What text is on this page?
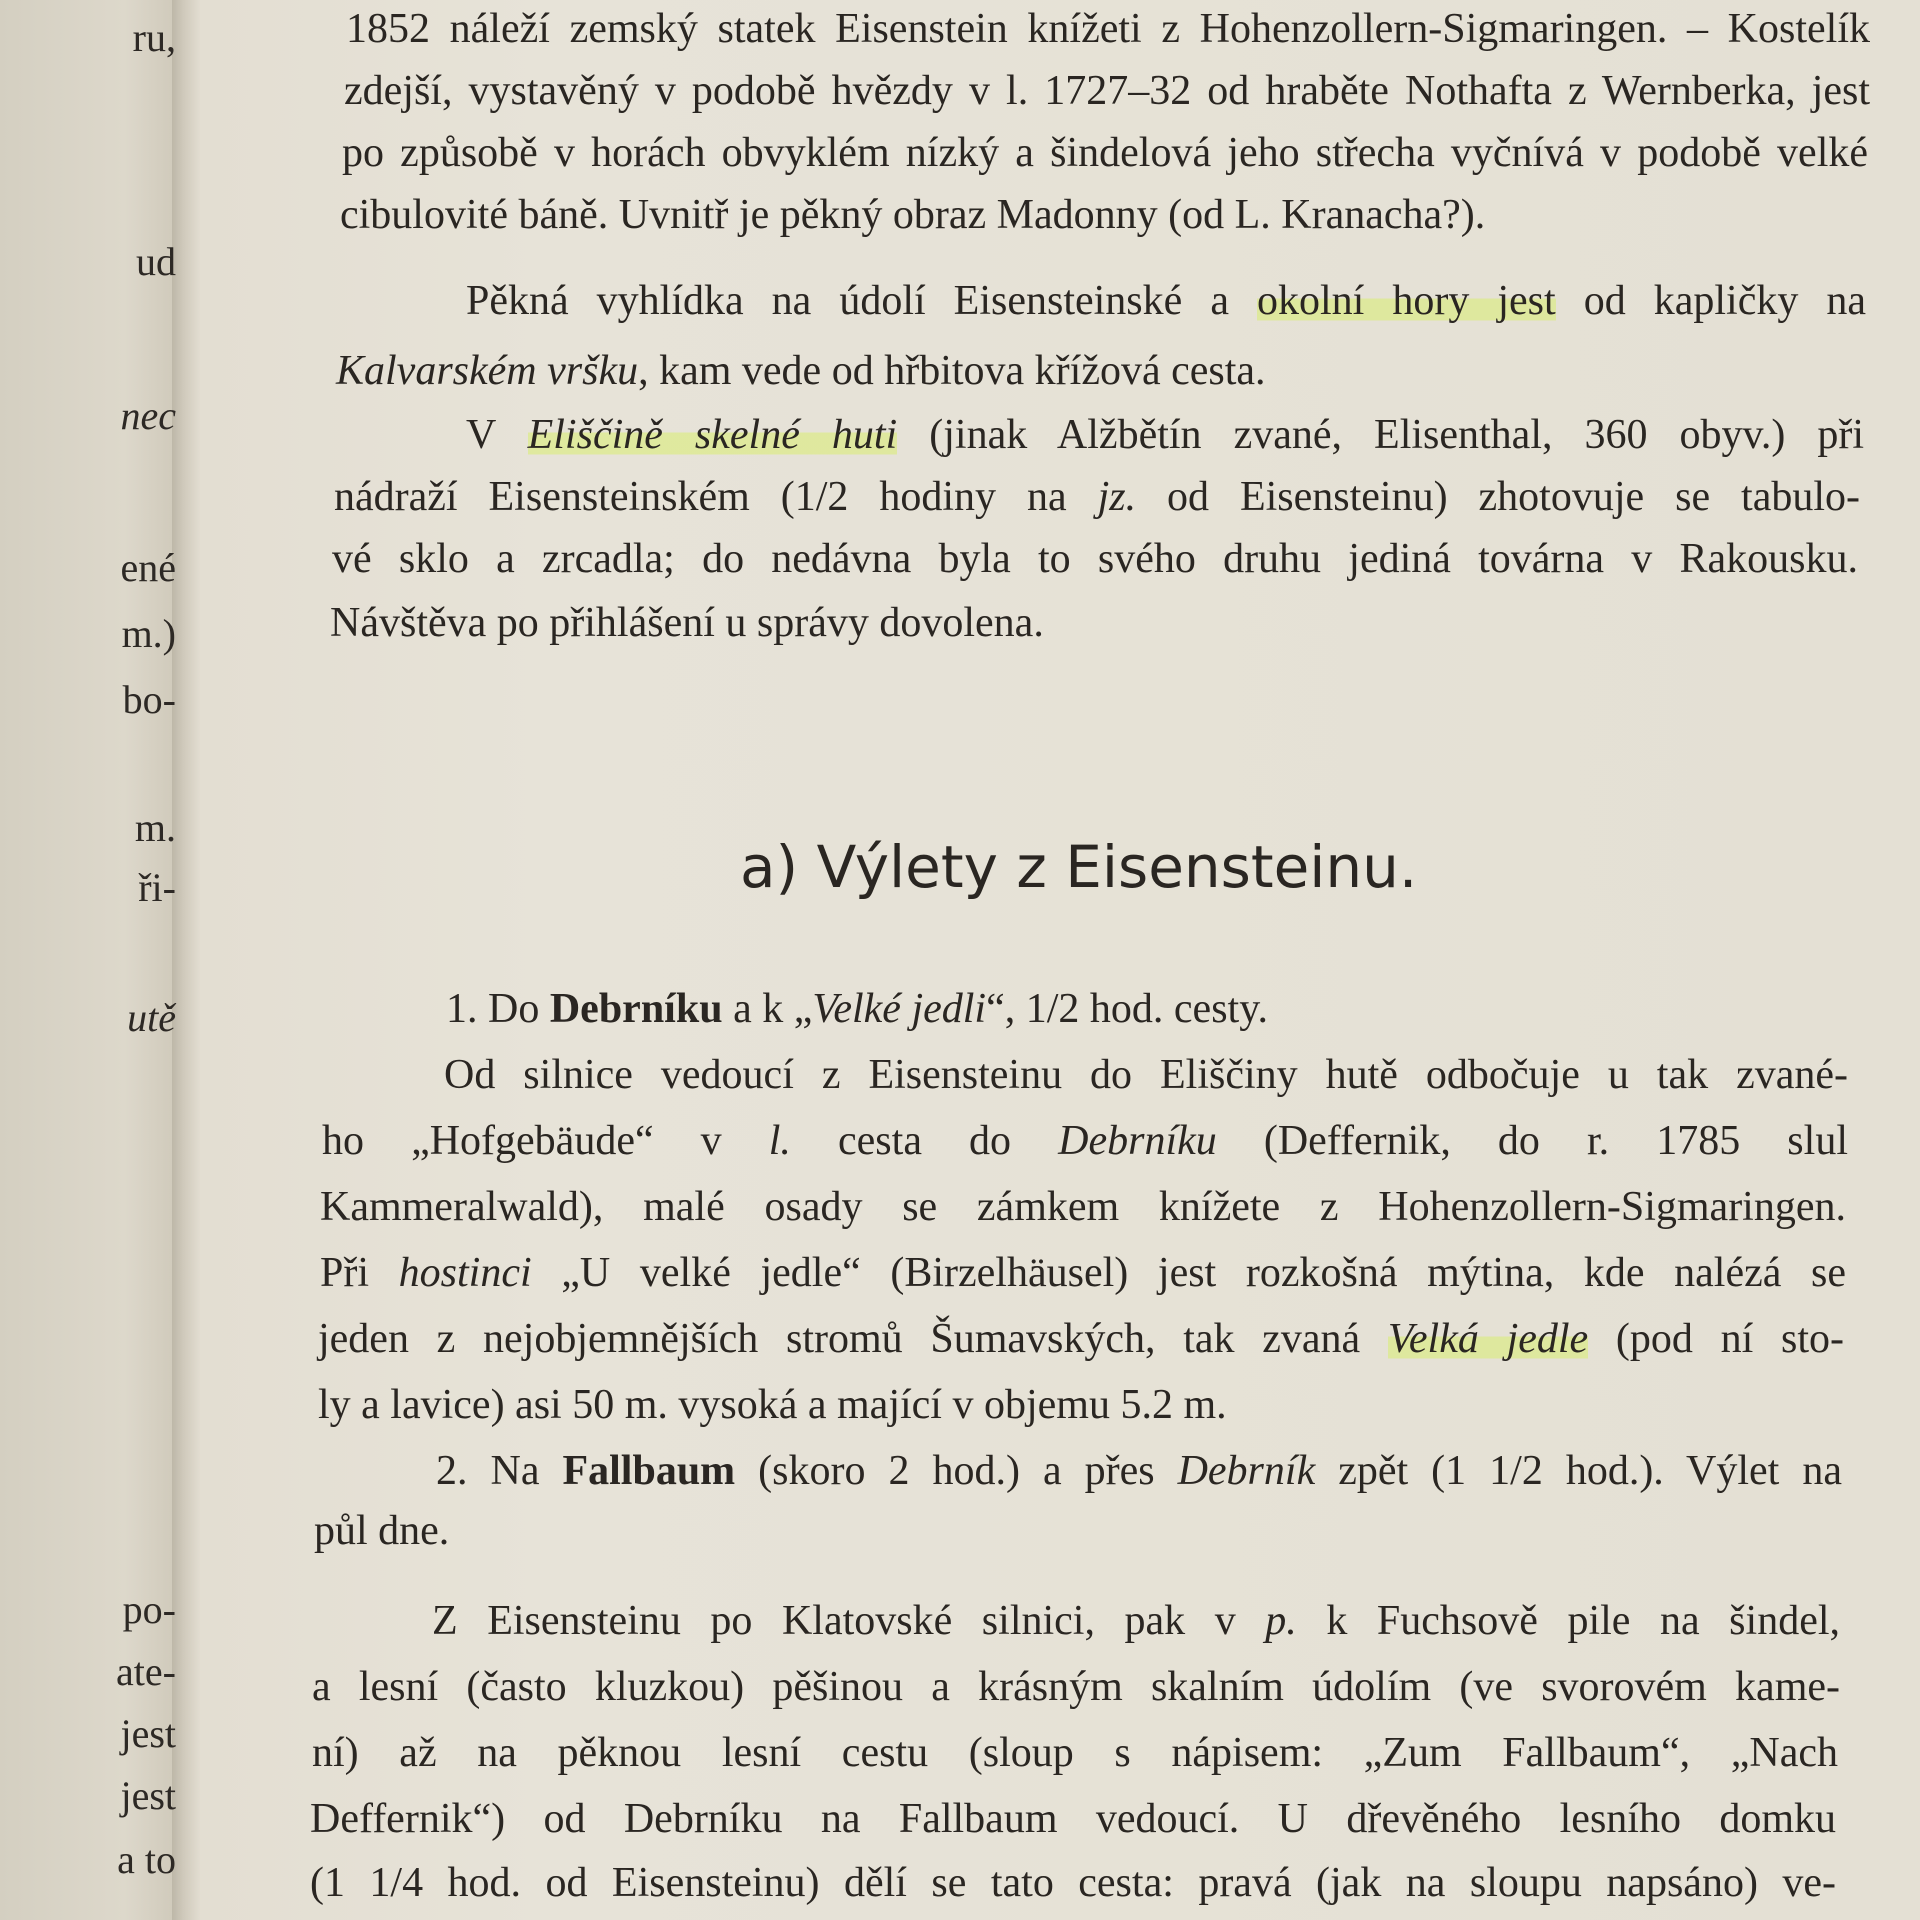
ru,
ud
nec
ené
m.)
bo-
m.
ři-
utě
po-
ate-
jest
jest
a to
a) Výlety z Eisensteinu.
1852 náleží zemský statek Eisenstein knížeti z Hohenzollern-Sigmaringen. – Kostelík
zdejší, vystavěný v podobě hvězdy v l. 1727–32 od hraběte Nothafta z Wernberka, jest
po způsobě v horách obvyklém nízký a šindelová jeho střecha vyčnívá v podobě velké
cibulovité báně. Uvnitř je pěkný obraz Madonny (od L. Kranacha?).
Pěkná vyhlídka na údolí Eisensteinské a okolní hory jest od kapličky na
Kalvarském vršku, kam vede od hřbitova křížová cesta.
V Eliščině skelné huti (jinak Alžbětín zvané, Elisenthal, 360 obyv.) při
nádraží Eisensteinském (1/2 hodiny na jz. od Eisensteinu) zhotovuje se tabulo-
vé sklo a zrcadla; do nedávna byla to svého druhu jediná továrna v Rakousku.
Návštěva po přihlášení u správy dovolena.
1. Do Debrníku a k „Velké jedli“, 1/2 hod. cesty.
Od silnice vedoucí z Eisensteinu do Eliščiny hutě odbočuje u tak zvané-
ho „Hofgebäude“ v l. cesta do Debrníku (Deffernik, do r. 1785 slul
Kammeralwald), malé osady se zámkem knížete z Hohenzollern-Sigmaringen.
Při hostinci „U velké jedle“ (Birzelhäusel) jest rozkošná mýtina, kde nalézá se
jeden z nejobjemnějších stromů Šumavských, tak zvaná Velká jedle (pod ní sto-
ly a lavice) asi 50 m. vysoká a mající v objemu 5.2 m.
2. Na Fallbaum (skoro 2 hod.) a přes Debrník zpět (1 1/2 hod.). Výlet na
půl dne.
Z Eisensteinu po Klatovské silnici, pak v p. k Fuchsově pile na šindel,
a lesní (často kluzkou) pěšinou a krásným skalním údolím (ve svorovém kame-
ní) až na pěknou lesní cestu (sloup s nápisem: „Zum Fallbaum“, „Nach
Deffernik“) od Debrníku na Fallbaum vedoucí. U dřevěného lesního domku
(1 1/4 hod. od Eisensteinu) dělí se tato cesta: pravá (jak na sloupu napsáno) ve-
